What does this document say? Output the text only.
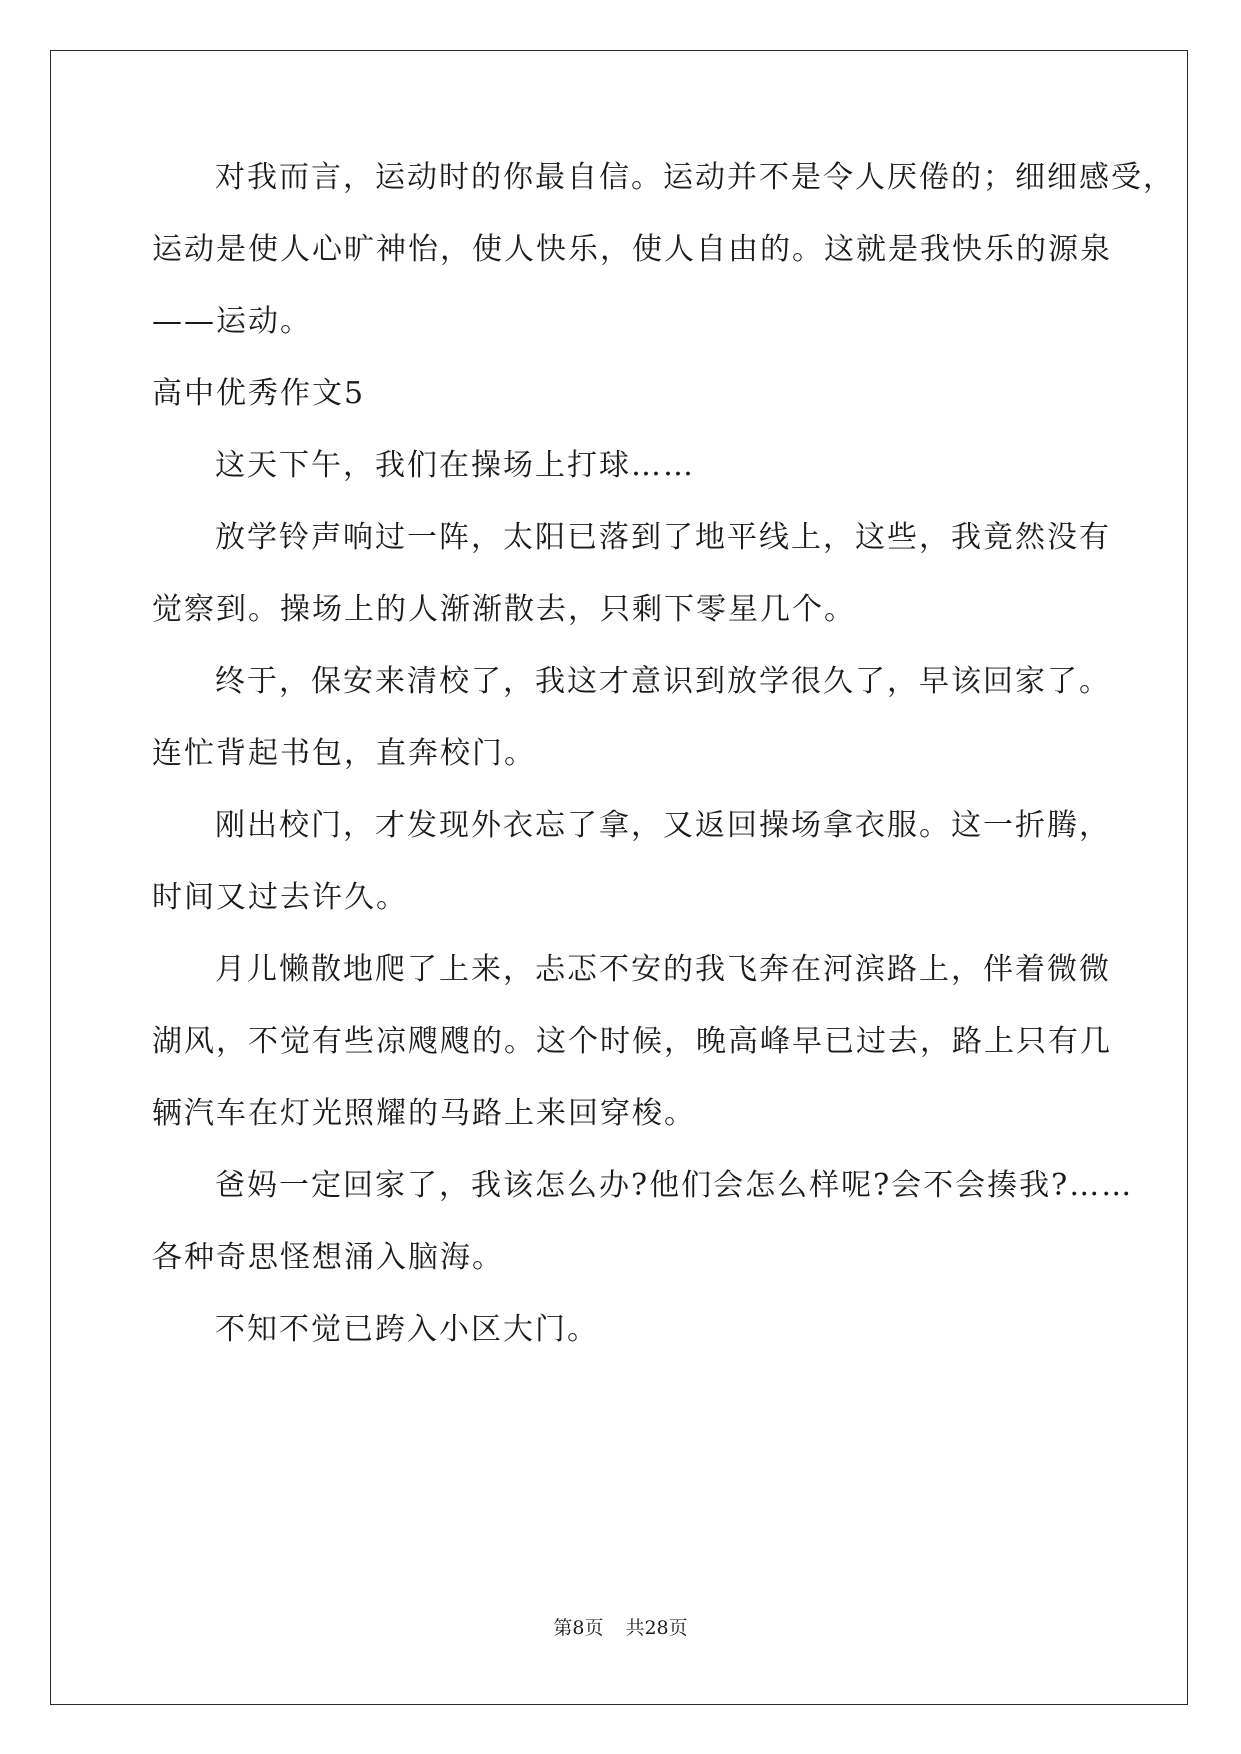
对我而言，运动时的你最自信。运动并不是令人厌倦的；细细感受，
运动是使人心旷神怡，使人快乐，使人自由的。这就是我快乐的源泉
——运动。
高中优秀作文5
这天下午，我们在操场上打球……
放学铃声响过一阵，太阳已落到了地平线上，这些，我竟然没有
觉察到。操场上的人渐渐散去，只剩下零星几个。
终于，保安来清校了，我这才意识到放学很久了，早该回家了。
连忙背起书包，直奔校门。
刚出校门，才发现外衣忘了拿，又返回操场拿衣服。这一折腾，
时间又过去许久。
月儿懒散地爬了上来，忐忑不安的我飞奔在河滨路上，伴着微微
湖风，不觉有些凉飕飕的。这个时候，晚高峰早已过去，路上只有几
辆汽车在灯光照耀的马路上来回穿梭。
爸妈一定回家了，我该怎么办?他们会怎么样呢?会不会揍我?……
各种奇思怪想涌入脑海。
不知不觉已跨入小区大门。
第8页 共28页
